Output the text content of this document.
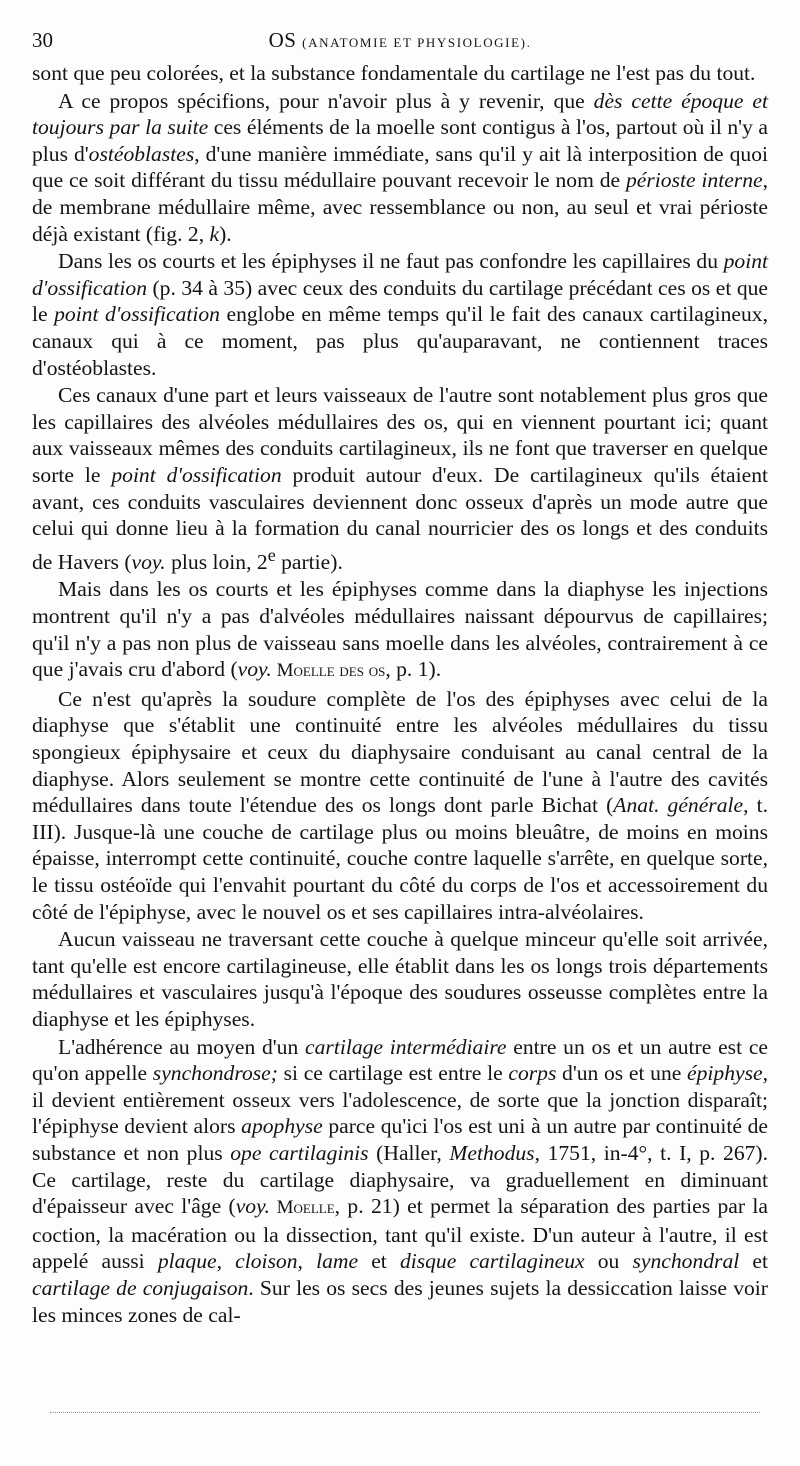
30	OS (ANATOMIE ET PHYSIOLOGIE).

sont que peu colorées, et la substance fondamentale du cartilage ne l'est pas du tout.

A ce propos spécifions, pour n'avoir plus à y revenir, que dès cette époque et toujours par la suite ces éléments de la moelle sont contigus à l'os, partout où il n'y a plus d'ostéoblastes, d'une manière immédiate, sans qu'il y ait là interposition de quoi que ce soit différant du tissu médullaire pouvant recevoir le nom de périoste interne, de membrane médullaire même, avec ressemblance ou non, au seul et vrai périoste déjà existant (fig. 2, k).

Dans les os courts et les épiphyses il ne faut pas confondre les capillaires du point d'ossification (p. 34 à 35) avec ceux des conduits du cartilage précédant ces os et que le point d'ossification englobe en même temps qu'il le fait des canaux cartilagineux, canaux qui à ce moment, pas plus qu'auparavant, ne contiennent traces d'ostéoblastes.

Ces canaux d'une part et leurs vaisseaux de l'autre sont notablement plus gros que les capillaires des alvéoles médullaires des os, qui en viennent pourtant ici; quant aux vaisseaux mêmes des conduits cartilagineux, ils ne font que traverser en quelque sorte le point d'ossification produit autour d'eux. De cartilagineux qu'ils étaient avant, ces conduits vasculaires deviennent donc osseux d'après un mode autre que celui qui donne lieu à la formation du canal nourricier des os longs et des conduits de Havers (voy. plus loin, 2e partie).

Mais dans les os courts et les épiphyses comme dans la diaphyse les injections montrent qu'il n'y a pas d'alvéoles médullaires naissant dépourvus de capillaires; qu'il n'y a pas non plus de vaisseau sans moelle dans les alvéoles, contrairement à ce que j'avais cru d'abord (voy. Moelle des os, p. 1).

Ce n'est qu'après la soudure complète de l'os des épiphyses avec celui de la diaphyse que s'établit une continuité entre les alvéoles médullaires du tissu spongieux épiphysaire et ceux du diaphysaire conduisant au canal central de la diaphyse. Alors seulement se montre cette continuité de l'une à l'autre des cavités médullaires dans toute l'étendue des os longs dont parle Bichat (Anat. générale, t. III). Jusque-là une couche de cartilage plus ou moins bleuâtre, de moins en moins épaisse, interrompt cette continuité, couche contre laquelle s'arrête, en quelque sorte, le tissu ostéoïde qui l'envahit pourtant du côté du corps de l'os et accessoirement du côté de l'épiphyse, avec le nouvel os et ses capillaires intra-alvéolaires.

Aucun vaisseau ne traversant cette couche à quelque minceur qu'elle soit arrivée, tant qu'elle est encore cartilagineuse, elle établit dans les os longs trois départements médullaires et vasculaires jusqu'à l'époque des soudures osseusse complètes entre la diaphyse et les épiphyses.

L'adhérence au moyen d'un cartilage intermédiaire entre un os et un autre est ce qu'on appelle synchondrose; si ce cartilage est entre le corps d'un os et une épiphyse, il devient entièrement osseux vers l'adolescence, de sorte que la jonction disparaît; l'épiphyse devient alors apophyse parce qu'ici l'os est uni à un autre par continuité de substance et non plus ope cartilaginis (Haller, Methodus, 1751, in-4°, t. I, p. 267). Ce cartilage, reste du cartilage diaphysaire, va graduellement en diminuant d'épaisseur avec l'âge (voy. Moelle, p. 21) et permet la séparation des parties par la coction, la macération ou la dissection, tant qu'il existe. D'un auteur à l'autre, il est appelé aussi plaque, cloison, lame et disque cartilagineux ou synchondral et cartilage de conjugaison. Sur les os secs des jeunes sujets la dessiccation laisse voir les minces zones de cal-
